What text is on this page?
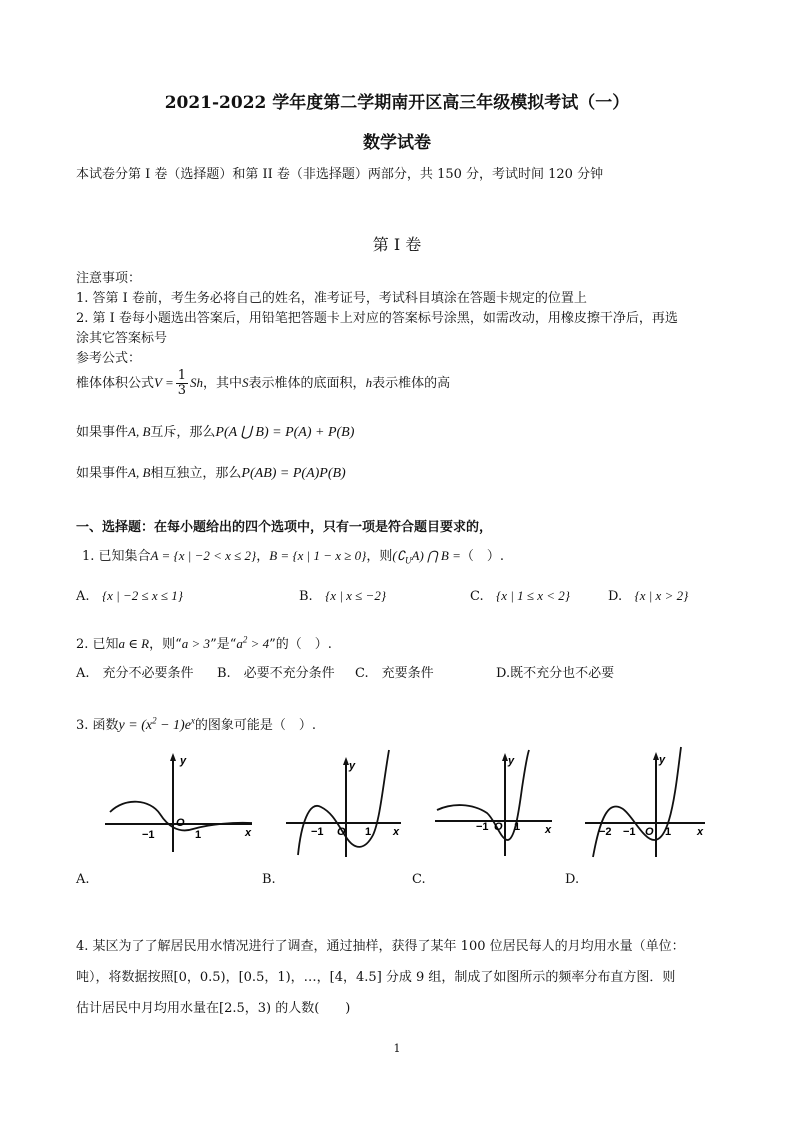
2021-2022 学年度第二学期南开区高三年级模拟考试（一）
数学试卷
本试卷分第 I 卷（选择题）和第 II 卷（非选择题）两部分，共 150 分，考试时间 120 分钟
第 I 卷
注意事项：
1. 答第 I 卷前，考生务必将自己的姓名，准考证号，考试科目填涂在答题卡规定的位置上
2. 第 I 卷每小题选出答案后，用铅笔把答题卡上对应的答案标号涂黑，如需改动，用橡皮擦干净后，再选
涂其它答案标号
参考公式：
椎体体积公式$V = \frac{1}{3}$ Sh，其中S表示椎体的底面积，h表示椎体的高
如果事件A, B互斥，那么P(A ⋃ B) = P(A) + P(B)
如果事件A, B相互独立，那么P(AB) = P(A)P(B)
一、选择题：在每小题给出的四个选项中，只有一项是符合题目要求的，
1. 已知集合A = {x | −2 < x ≤ 2}，B = {x | 1 − x ≥ 0}，则$(∁_UA)$ ⋂ B =（　）.
A. {x | −2 ≤ x ≤ 1}	B. {x | x ≤ −2}	C. {x | 1 ≤ x < 2}	D. {x | x > 2}
2. 已知a ∈ R，则“a > 3”是“$a^2 > 4$”的（　）.
A.　充分不必要条件 B.　必要不充分条件 C.　充要条件	D.既不充分也不必要
3. 函数$y = (x^2 - 1)e^x$的图象可能是（　）.
y
x
−1
O
1
A.
y
x
−1 O 1
B.
y
x
−1 O 1
C.
y
x
−2 −1 O 1
D.
4. 某区为了了解居民用水情况进行了调查，通过抽样，获得了某年 100 位居民每人的月均用水量（单位：
吨），将数据按照[0，0.5)，[0.5，1)，…，[4，4.5] 分成 9 组，制成了如图所示的频率分布直方图．则
估计居民中月均用水量在[2.5，3) 的人数(　　)
1
